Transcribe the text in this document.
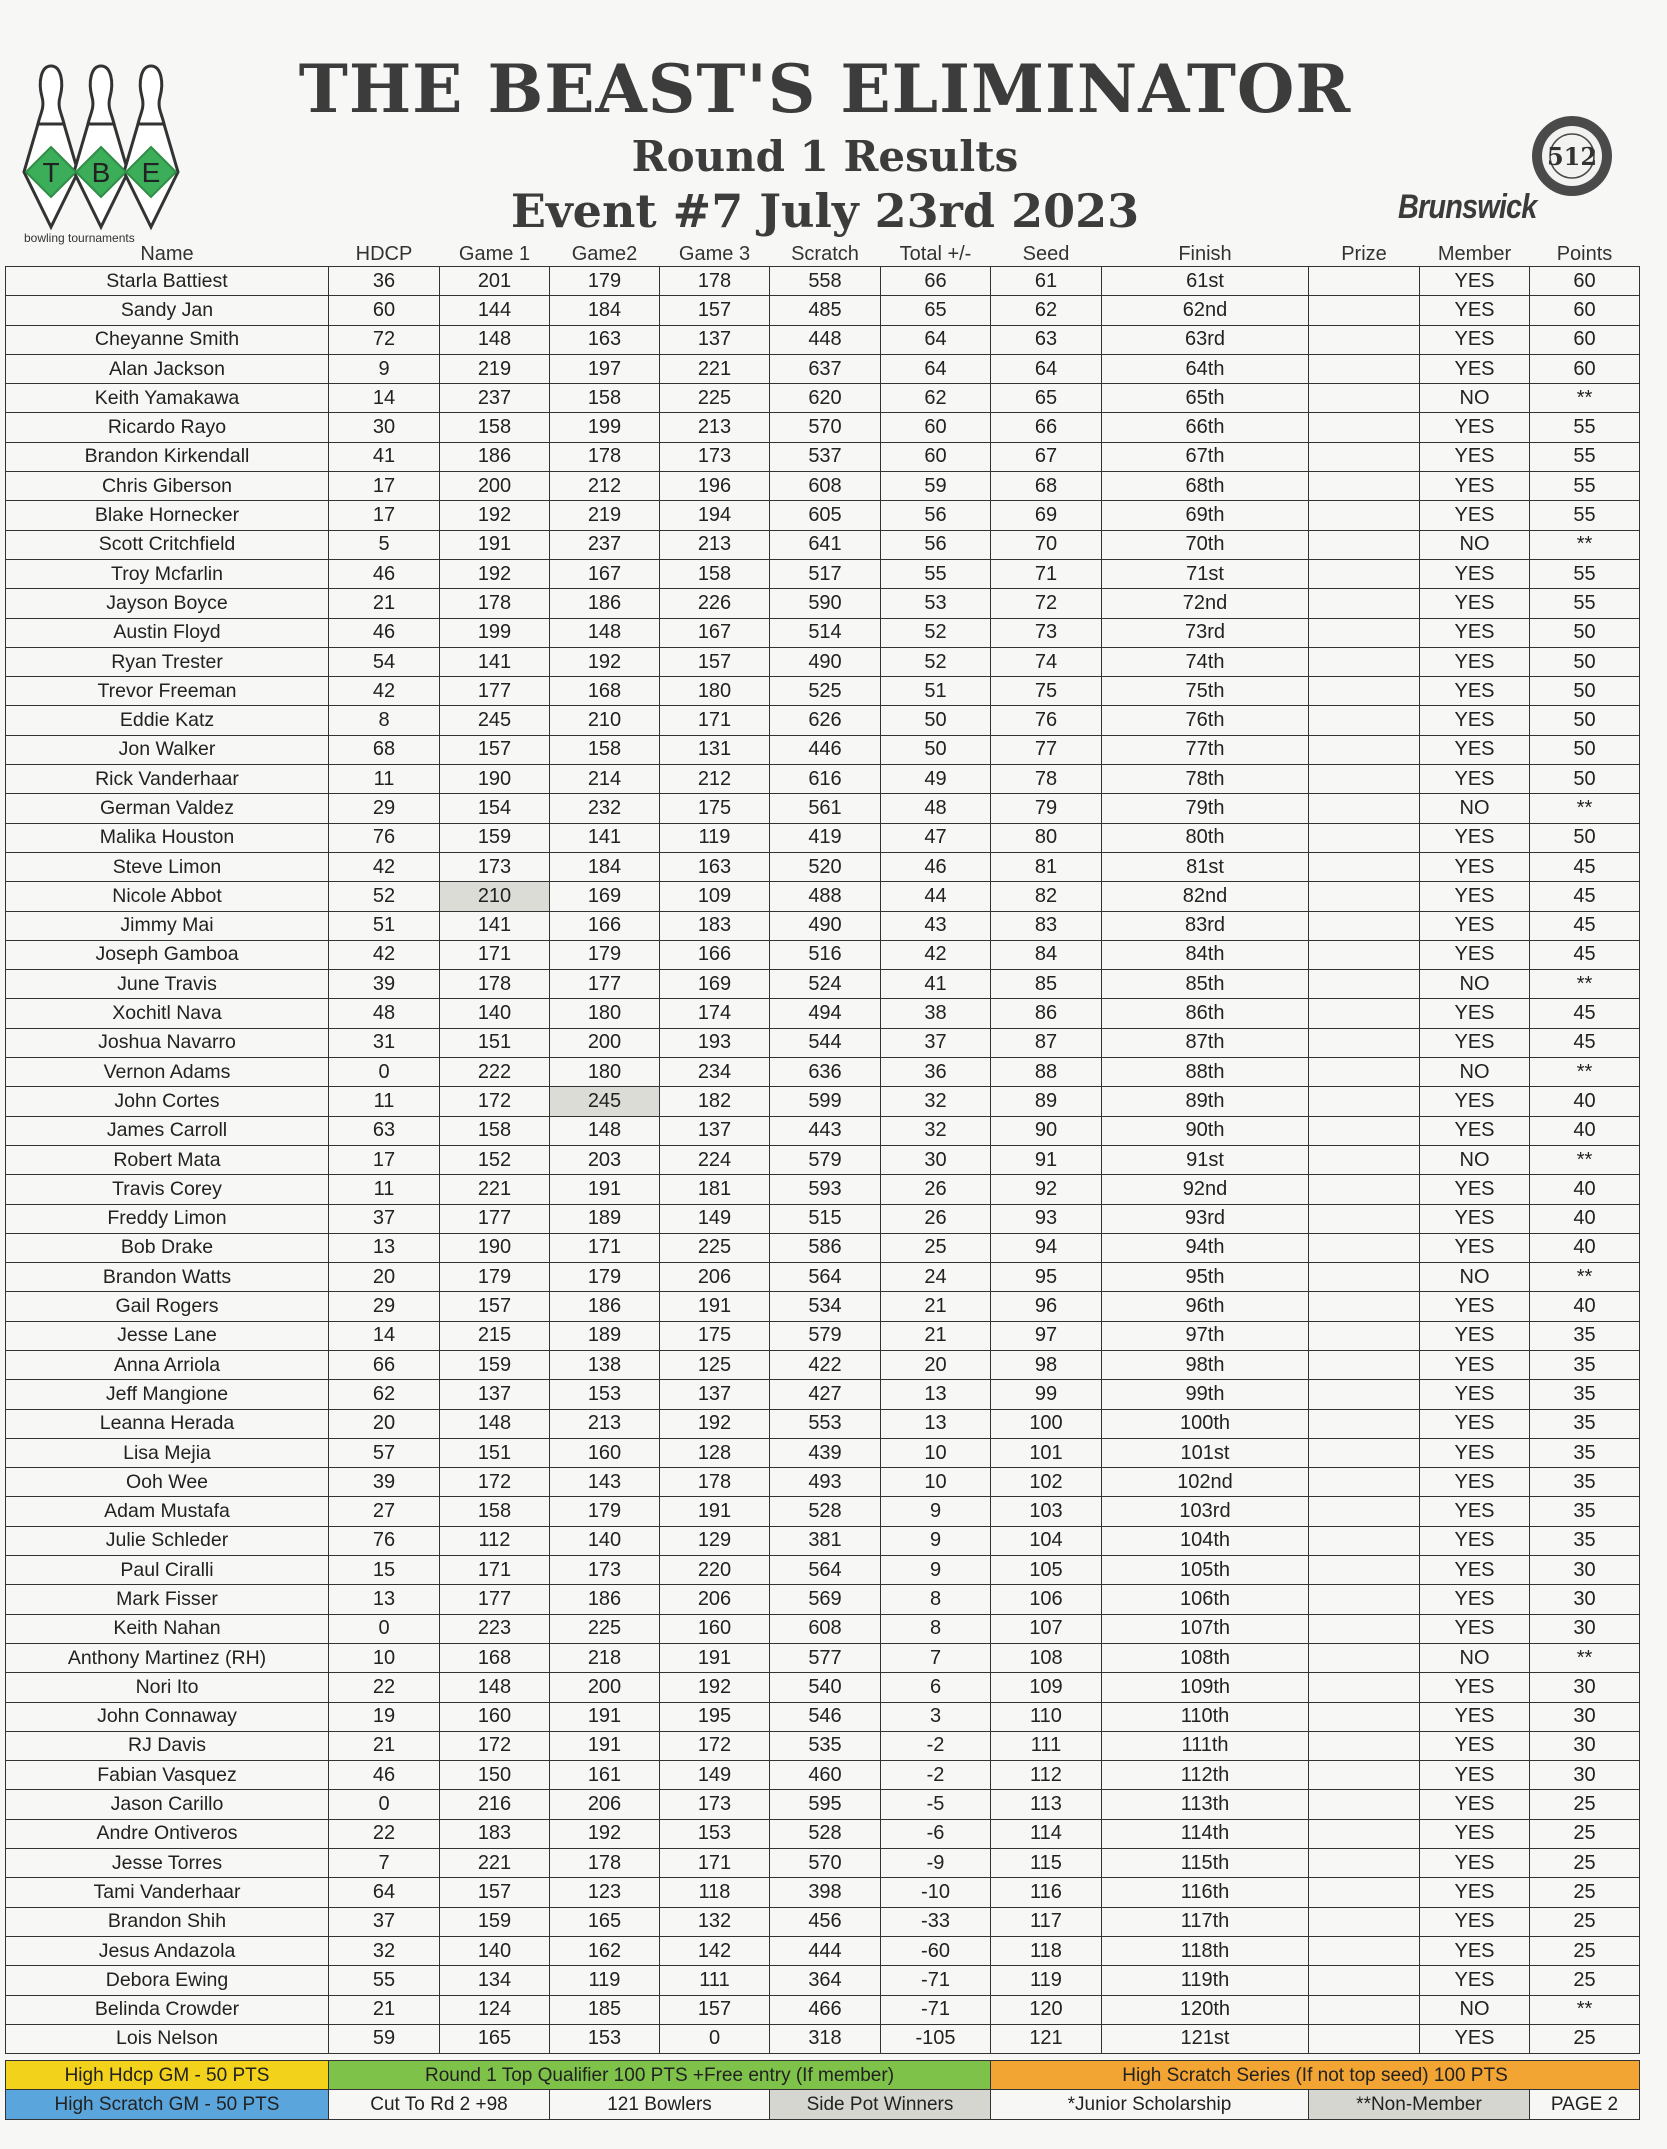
T B E
bowling tournaments
THE BEAST'S ELIMINATOR
Round 1 Results
Event #7 July 23rd 2023	Brunswick
512
Name	HDCP	Game 1	Game2	Game 3	Scratch	Total +/-	Seed	Finish	Prize	Member	Points
Starla Battiest	36	201	179	178	558	66	61	61st		YES	60
Sandy Jan	60	144	184	157	485	65	62	62nd		YES	60
Cheyanne Smith	72	148	163	137	448	64	63	63rd		YES	60
Alan Jackson	9	219	197	221	637	64	64	64th		YES	60
Keith Yamakawa	14	237	158	225	620	62	65	65th		NO	**
Ricardo Rayo	30	158	199	213	570	60	66	66th		YES	55
Brandon Kirkendall	41	186	178	173	537	60	67	67th		YES	55
Chris Giberson	17	200	212	196	608	59	68	68th		YES	55
Blake Hornecker	17	192	219	194	605	56	69	69th		YES	55
Scott Critchfield	5	191	237	213	641	56	70	70th		NO	**
Troy Mcfarlin	46	192	167	158	517	55	71	71st		YES	55
Jayson Boyce	21	178	186	226	590	53	72	72nd		YES	55
Austin Floyd	46	199	148	167	514	52	73	73rd		YES	50
Ryan Trester	54	141	192	157	490	52	74	74th		YES	50
Trevor Freeman	42	177	168	180	525	51	75	75th		YES	50
Eddie Katz	8	245	210	171	626	50	76	76th		YES	50
Jon Walker	68	157	158	131	446	50	77	77th		YES	50
Rick Vanderhaar	11	190	214	212	616	49	78	78th		YES	50
German Valdez	29	154	232	175	561	48	79	79th		NO	**
Malika Houston	76	159	141	119	419	47	80	80th		YES	50
Steve Limon	42	173	184	163	520	46	81	81st		YES	45
Nicole Abbot	52	210	169	109	488	44	82	82nd		YES	45
Jimmy Mai	51	141	166	183	490	43	83	83rd		YES	45
Joseph Gamboa	42	171	179	166	516	42	84	84th		YES	45
June Travis	39	178	177	169	524	41	85	85th		NO	**
Xochitl Nava	48	140	180	174	494	38	86	86th		YES	45
Joshua Navarro	31	151	200	193	544	37	87	87th		YES	45
Vernon Adams	0	222	180	234	636	36	88	88th		NO	**
John Cortes	11	172	245	182	599	32	89	89th		YES	40
James Carroll	63	158	148	137	443	32	90	90th		YES	40
Robert Mata	17	152	203	224	579	30	91	91st		NO	**
Travis Corey	11	221	191	181	593	26	92	92nd		YES	40
Freddy Limon	37	177	189	149	515	26	93	93rd		YES	40
Bob Drake	13	190	171	225	586	25	94	94th		YES	40
Brandon Watts	20	179	179	206	564	24	95	95th		NO	**
Gail Rogers	29	157	186	191	534	21	96	96th		YES	40
Jesse Lane	14	215	189	175	579	21	97	97th		YES	35
Anna Arriola	66	159	138	125	422	20	98	98th		YES	35
Jeff Mangione	62	137	153	137	427	13	99	99th		YES	35
Leanna Herada	20	148	213	192	553	13	100	100th		YES	35
Lisa Mejia	57	151	160	128	439	10	101	101st		YES	35
Ooh Wee	39	172	143	178	493	10	102	102nd		YES	35
Adam Mustafa	27	158	179	191	528	9	103	103rd		YES	35
Julie Schleder	76	112	140	129	381	9	104	104th		YES	35
Paul Ciralli	15	171	173	220	564	9	105	105th		YES	30
Mark Fisser	13	177	186	206	569	8	106	106th		YES	30
Keith Nahan	0	223	225	160	608	8	107	107th		YES	30
Anthony Martinez (RH)	10	168	218	191	577	7	108	108th		NO	**
Nori Ito	22	148	200	192	540	6	109	109th		YES	30
John Connaway	19	160	191	195	546	3	110	110th		YES	30
RJ Davis	21	172	191	172	535	-2	111	111th		YES	30
Fabian Vasquez	46	150	161	149	460	-2	112	112th		YES	30
Jason Carillo	0	216	206	173	595	-5	113	113th		YES	25
Andre Ontiveros	22	183	192	153	528	-6	114	114th		YES	25
Jesse Torres	7	221	178	171	570	-9	115	115th		YES	25
Tami Vanderhaar	64	157	123	118	398	-10	116	116th		YES	25
Brandon Shih	37	159	165	132	456	-33	117	117th		YES	25
Jesus Andazola	32	140	162	142	444	-60	118	118th		YES	25
Debora Ewing	55	134	119	111	364	-71	119	119th		YES	25
Belinda Crowder	21	124	185	157	466	-71	120	120th		NO	**
Lois Nelson	59	165	153	0	318	-105	121	121st		YES	25
High Hdcp GM - 50 PTS	Round 1 Top Qualifier 100 PTS +Free entry (If member)			High Scratch Series (If not top seed) 100 PTS		
High Scratch GM - 50 PTS	Cut To Rd 2 +98	121 Bowlers	Side Pot Winners	*Junior Scholarship	**Non-Member	PAGE 2
